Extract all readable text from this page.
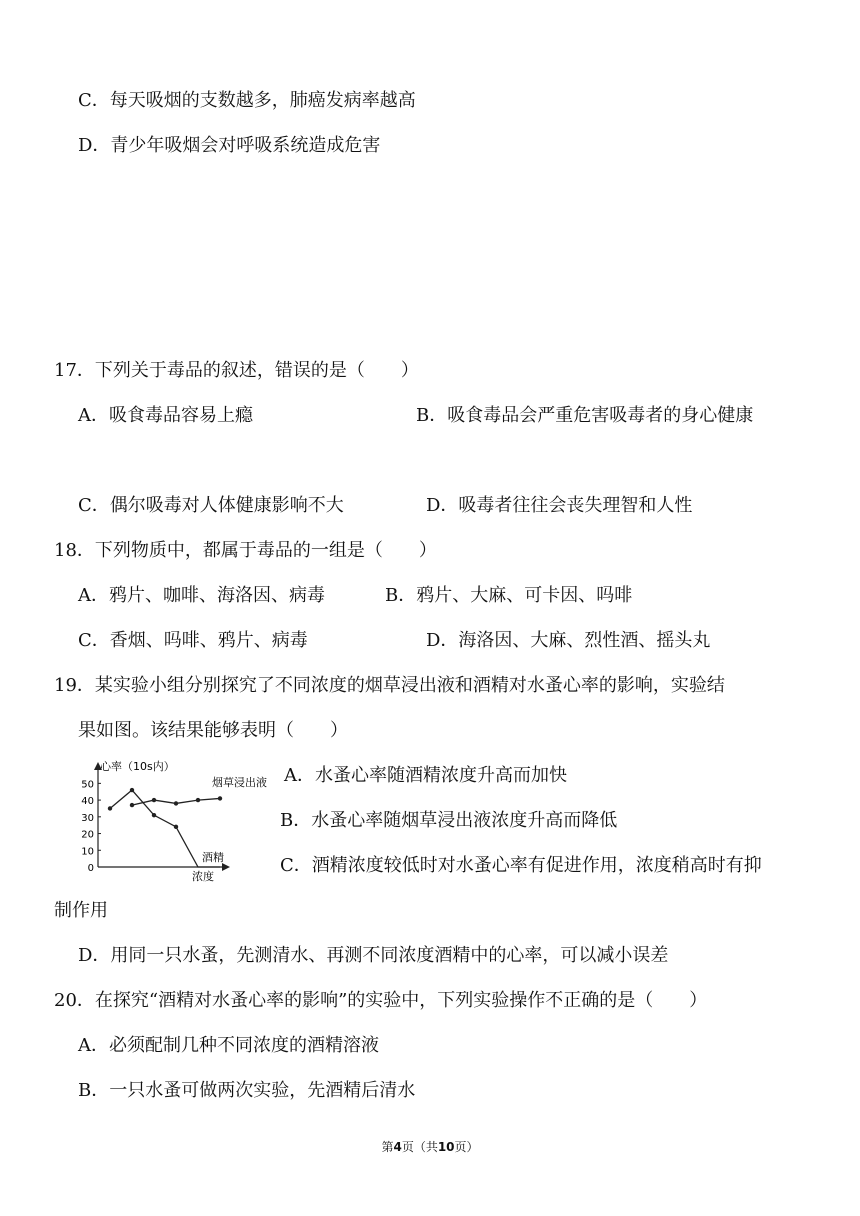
C．每天吸烟的支数越多，肺癌发病率越高
D．青少年吸烟会对呼吸系统造成危害
17．下列关于毒品的叙述，错误的是（　　）
A．吸食毒品容易上瘾	B．吸食毒品会严重危害吸毒者的身心健康
C．偶尔吸毒对人体健康影响不大	D．吸毒者往往会丧失理智和人性
18．下列物质中，都属于毒品的一组是（　　）
A．鸦片、咖啡、海洛因、病毒	B．鸦片、大麻、可卡因、吗啡
C．香烟、吗啡、鸦片、病毒	D．海洛因、大麻、烈性酒、摇头丸
19．某实验小组分别探究了不同浓度的烟草浸出液和酒精对水蚤心率的影响，实验结
果如图。该结果能够表明（　　）
0
10
20
30
40
50
心率（10s内）
浓度
烟草浸出液
酒精
A．水蚤心率随酒精浓度升高而加快
B．水蚤心率随烟草浸出液浓度升高而降低
C．酒精浓度较低时对水蚤心率有促进作用，浓度稍高时有抑
制作用
D．用同一只水蚤，先测清水、再测不同浓度酒精中的心率，可以减小误差
20．在探究“酒精对水蚤心率的影响”的实验中，下列实验操作不正确的是（　　）
A．必须配制几种不同浓度的酒精溶液
B．一只水蚤可做两次实验，先酒精后清水
第4页（共10页）
